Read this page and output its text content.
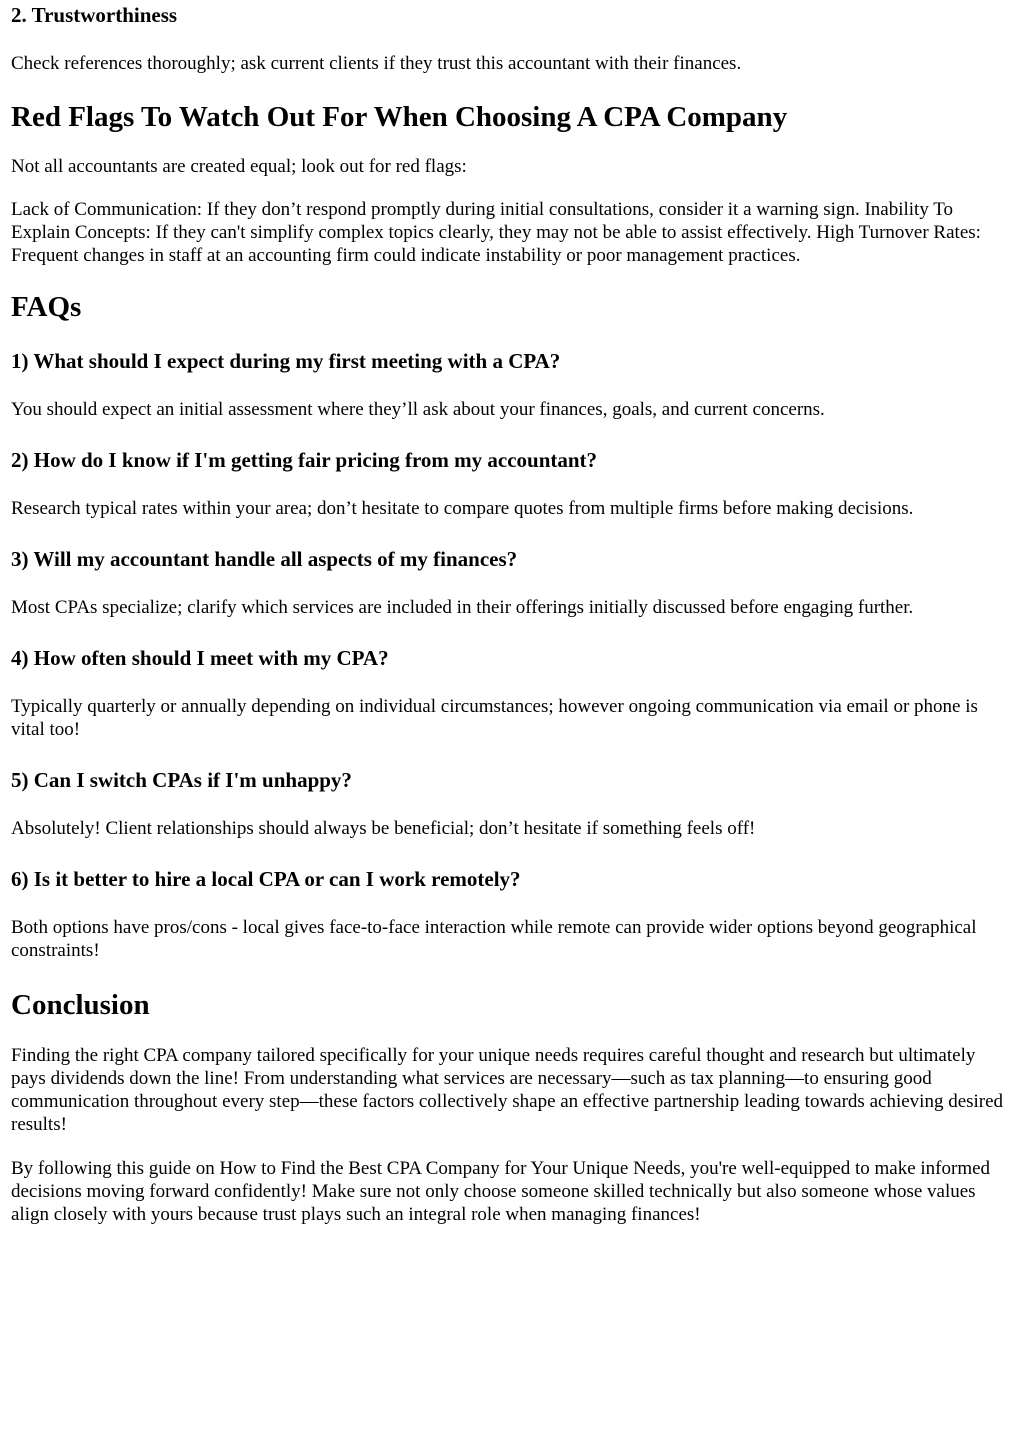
2. Trustworthiness

Check references thoroughly; ask current clients if they trust this accountant with their finances.

Red Flags To Watch Out For When Choosing A CPA Company

Not all accountants are created equal; look out for red flags:

Lack of Communication: If they don’t respond promptly during initial consultations, consider it a warning sign. Inability To Explain Concepts: If they can't simplify complex topics clearly, they may not be able to assist effectively. High Turnover Rates: Frequent changes in staff at an accounting firm could indicate instability or poor management practices.

FAQs
1) What should I expect during my first meeting with a CPA?

You should expect an initial assessment where they’ll ask about your finances, goals, and current concerns.

2) How do I know if I'm getting fair pricing from my accountant?

Research typical rates within your area; don’t hesitate to compare quotes from multiple firms before making decisions.

3) Will my accountant handle all aspects of my finances?

Most CPAs specialize; clarify which services are included in their offerings initially discussed before engaging further.

4) How often should I meet with my CPA?

Typically quarterly or annually depending on individual circumstances; however ongoing communication via email or phone is vital too!

5) Can I switch CPAs if I'm unhappy?

Absolutely! Client relationships should always be beneficial; don’t hesitate if something feels off!

6) Is it better to hire a local CPA or can I work remotely?

Both options have pros/cons - local gives face-to-face interaction while remote can provide wider options beyond geographical constraints!

Conclusion

Finding the right CPA company tailored specifically for your unique needs requires careful thought and research but ultimately pays dividends down the line! From understanding what services are necessary—such as tax planning—to ensuring good communication throughout every step—these factors collectively shape an effective partnership leading towards achieving desired results!

By following this guide on How to Find the Best CPA Company for Your Unique Needs, you're well-equipped to make informed decisions moving forward confidently! Make sure not only choose someone skilled technically but also someone whose values align closely with yours because trust plays such an integral role when managing finances!
